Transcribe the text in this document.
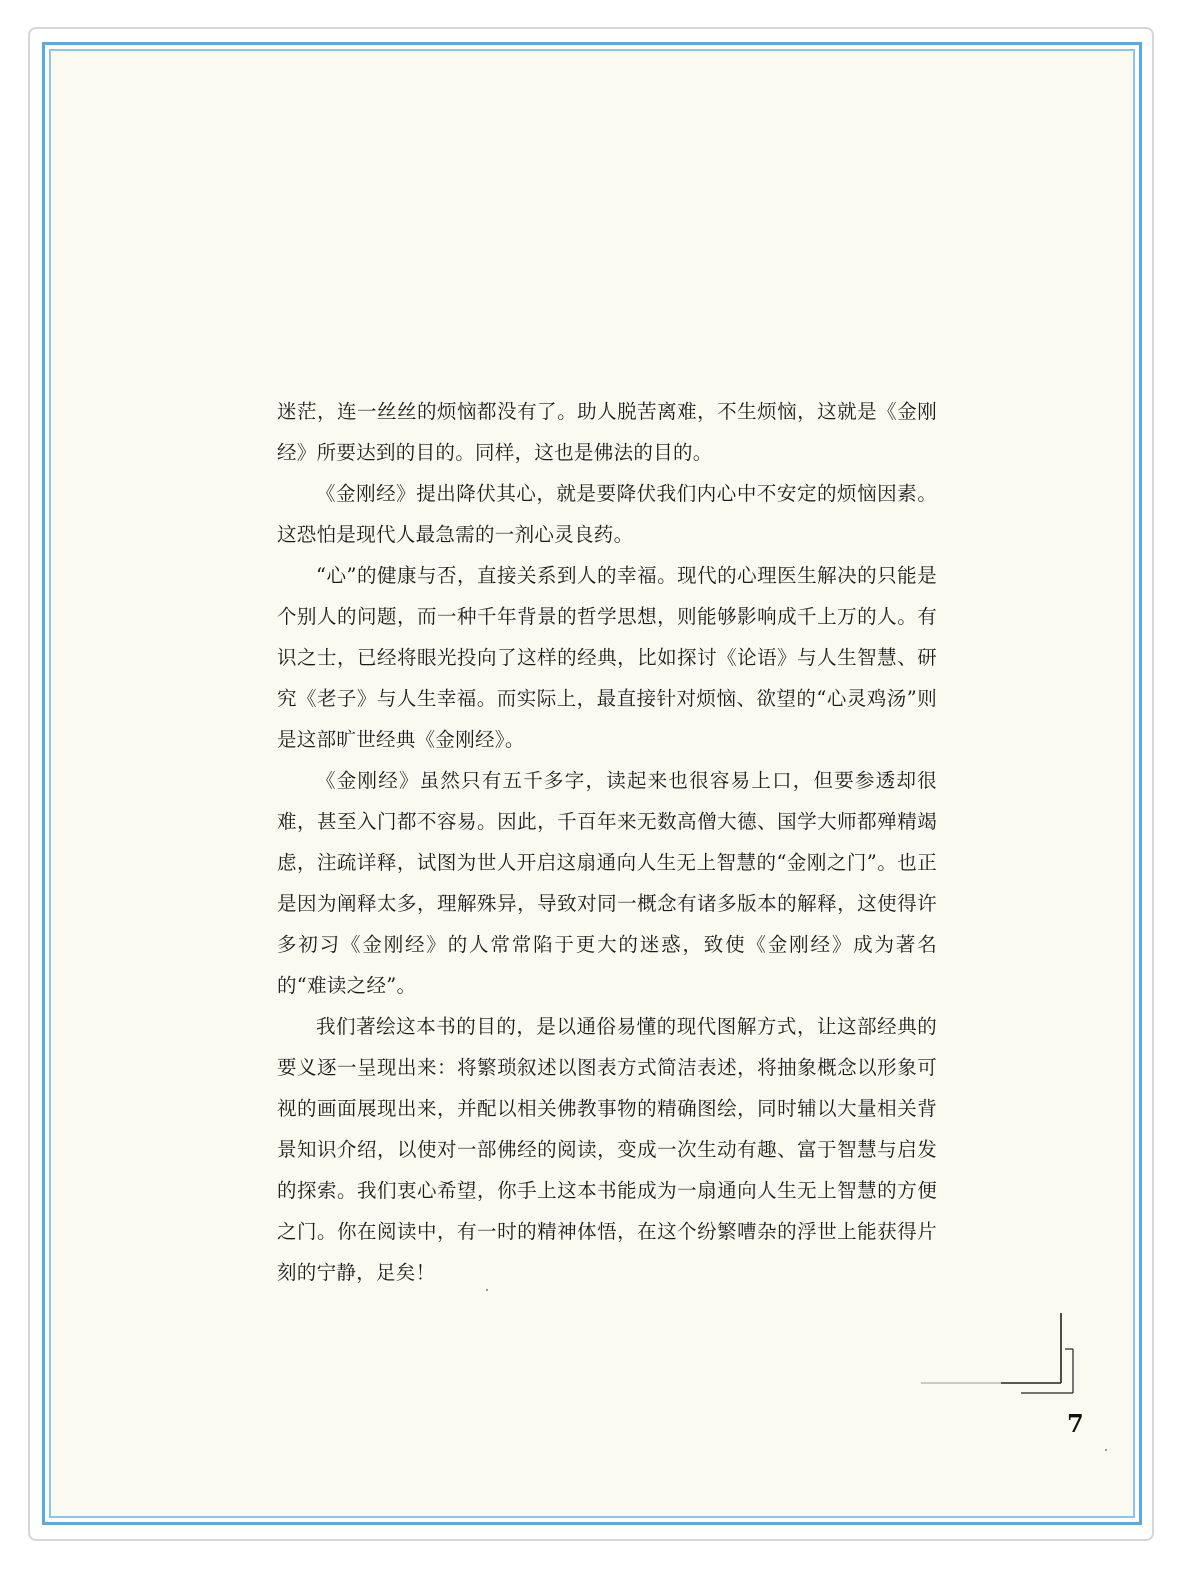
迷茫，连一丝丝的烦恼都没有了。助人脱苦离难，不生烦恼，这就是《金刚经》所要达到的目的。同样，这也是佛法的目的。

《金刚经》提出降伏其心，就是要降伏我们内心中不安定的烦恼因素。这恐怕是现代人最急需的一剂心灵良药。

“心”的健康与否，直接关系到人的幸福。现代的心理医生解决的只能是个别人的问题，而一种千年背景的哲学思想，则能够影响成千上万的人。有识之士，已经将眼光投向了这样的经典，比如探讨《论语》与人生智慧、研究《老子》与人生幸福。而实际上，最直接针对烦恼、欲望的“心灵鸡汤”则是这部旷世经典《金刚经》。

《金刚经》虽然只有五千多字，读起来也很容易上口，但要参透却很难，甚至入门都不容易。因此，千百年来无数高僧大德、国学大师都殚精竭虑，注疏详释，试图为世人开启这扇通向人生无上智慧的“金刚之门”。也正是因为阐释太多，理解殊异，导致对同一概念有诸多版本的解释，这使得许多初习《金刚经》的人常常陷于更大的迷惑，致使《金刚经》成为著名的“难读之经”。

我们著绘这本书的目的，是以通俗易懂的现代图解方式，让这部经典的要义逐一呈现出来：将繁琐叙述以图表方式简洁表述，将抽象概念以形象可视的画面展现出来，并配以相关佛教事物的精确图绘，同时辅以大量相关背景知识介绍，以使对一部佛经的阅读，变成一次生动有趣、富于智慧与启发的探索。我们衷心希望，你手上这本书能成为一扇通向人生无上智慧的方便之门。你在阅读中，有一时的精神体悟，在这个纷繁嘈杂的浮世上能获得片刻的宁静，足矣！

7
